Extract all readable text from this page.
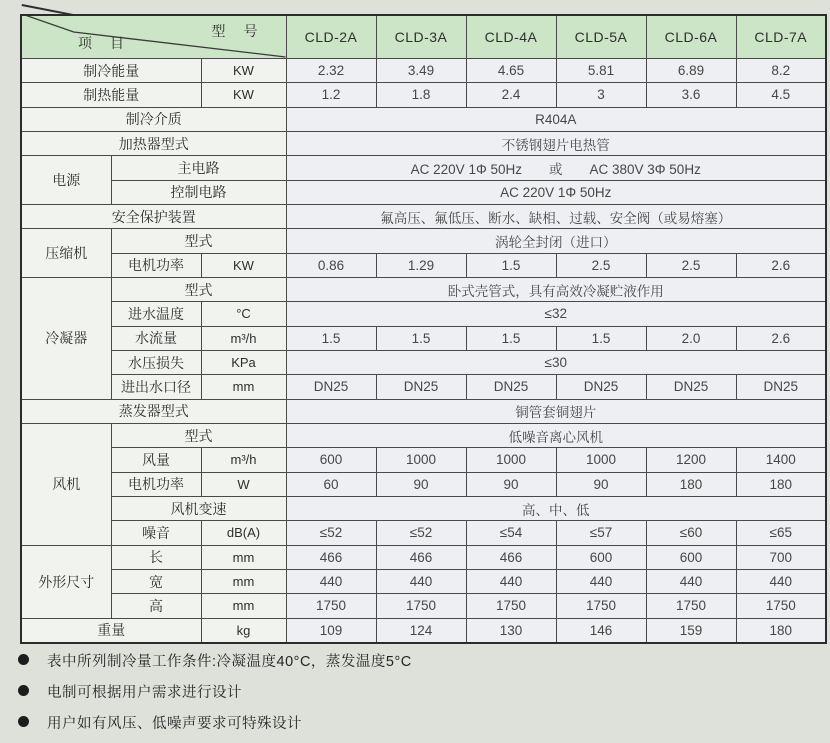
型　号
项　目			CLD-2A	CLD-3A	CLD-4A	CLD-5A	CLD-6A	CLD-7A
制冷能量		KW	2.32	3.49	4.65	5.81	6.89	8.2
制热能量		KW	1.2	1.8	2.4	3	3.6	4.5
制冷介质			R404A					
加热器型式			不锈钢翅片电热管					
电源	主电路		AC 220V 1Φ 50Hz　　或　　AC 380V 3Φ 50Hz					
	控制电路		AC 220V 1Φ 50Hz					
安全保护装置			氟高压、氟低压、断水、缺相、过载、安全阀（或易熔塞）					
压缩机	型式		涡轮全封闭（进口）					
	电机功率	KW	0.86	1.29	1.5	2.5	2.5	2.6
冷凝器	型式		卧式壳管式，具有高效冷凝贮液作用					
	进水温度	°C	≤32					
	水流量	m³/h	1.5	1.5	1.5	1.5	2.0	2.6
	水压损失	KPa	≤30					
	进出水口径	mm	DN25	DN25	DN25	DN25	DN25	DN25
蒸发器型式			铜管套铜翅片					
风机	型式		低噪音离心风机					
	风量	m³/h	600	1000	1000	1000	1200	1400
	电机功率	W	60	90	90	90	180	180
	风机变速		高、中、低					
	噪音	dB(A)	≤52	≤52	≤54	≤57	≤60	≤65
外形尺寸	长	mm	466	466	466	600	600	700
	宽	mm	440	440	440	440	440	440
	高	mm	1750	1750	1750	1750	1750	1750
重量		kg	109	124	130	146	159	180
表中所列制冷量工作条件:冷凝温度40°C，蒸发温度5°C
电制可根据用户需求进行设计
用户如有风压、低噪声要求可特殊设计
